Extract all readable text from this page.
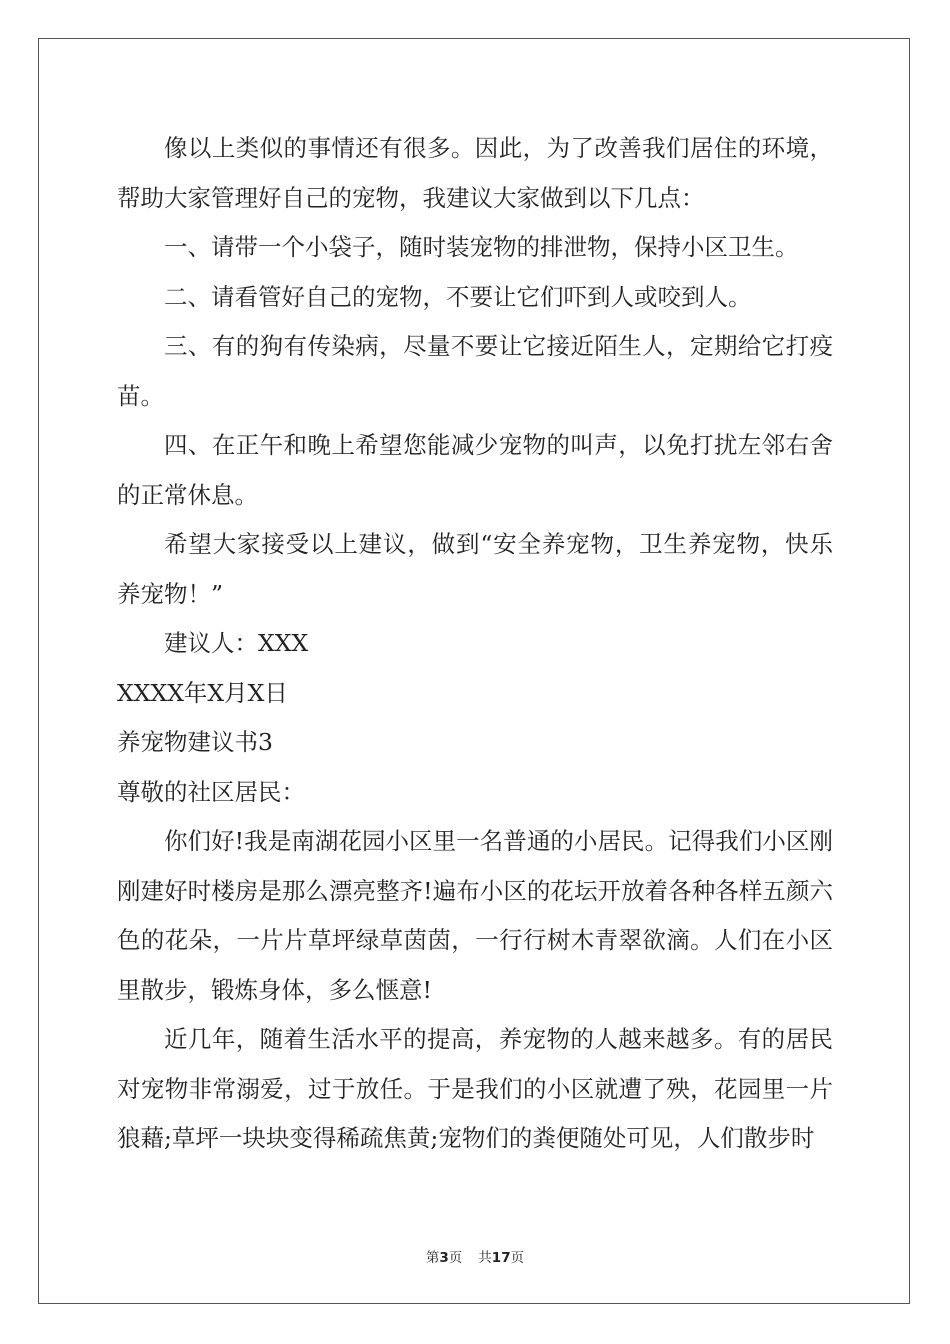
像以上类似的事情还有很多。因此，为了改善我们居住的环境，帮助大家管理好自己的宠物，我建议大家做到以下几点：

一、请带一个小袋子，随时装宠物的排泄物，保持小区卫生。

二、请看管好自己的宠物，不要让它们吓到人或咬到人。

三、有的狗有传染病，尽量不要让它接近陌生人，定期给它打疫苗。

四、在正午和晚上希望您能减少宠物的叫声，以免打扰左邻右舍的正常休息。

希望大家接受以上建议，做到“安全养宠物，卫生养宠物，快乐养宠物！”

建议人：XXX

XXXX年X月X日

养宠物建议书3

尊敬的社区居民：

你们好!我是南湖花园小区里一名普通的小居民。记得我们小区刚刚建好时楼房是那么漂亮整齐!遍布小区的花坛开放着各种各样五颜六色的花朵，一片片草坪绿草茵茵，一行行树木青翠欲滴。人们在小区里散步，锻炼身体，多么惬意!

近几年，随着生活水平的提高，养宠物的人越来越多。有的居民对宠物非常溺爱，过于放任。于是我们的小区就遭了殃，花园里一片狼藉;草坪一块块变得稀疏焦黄;宠物们的粪便随处可见，人们散步时

第3页 共17页
